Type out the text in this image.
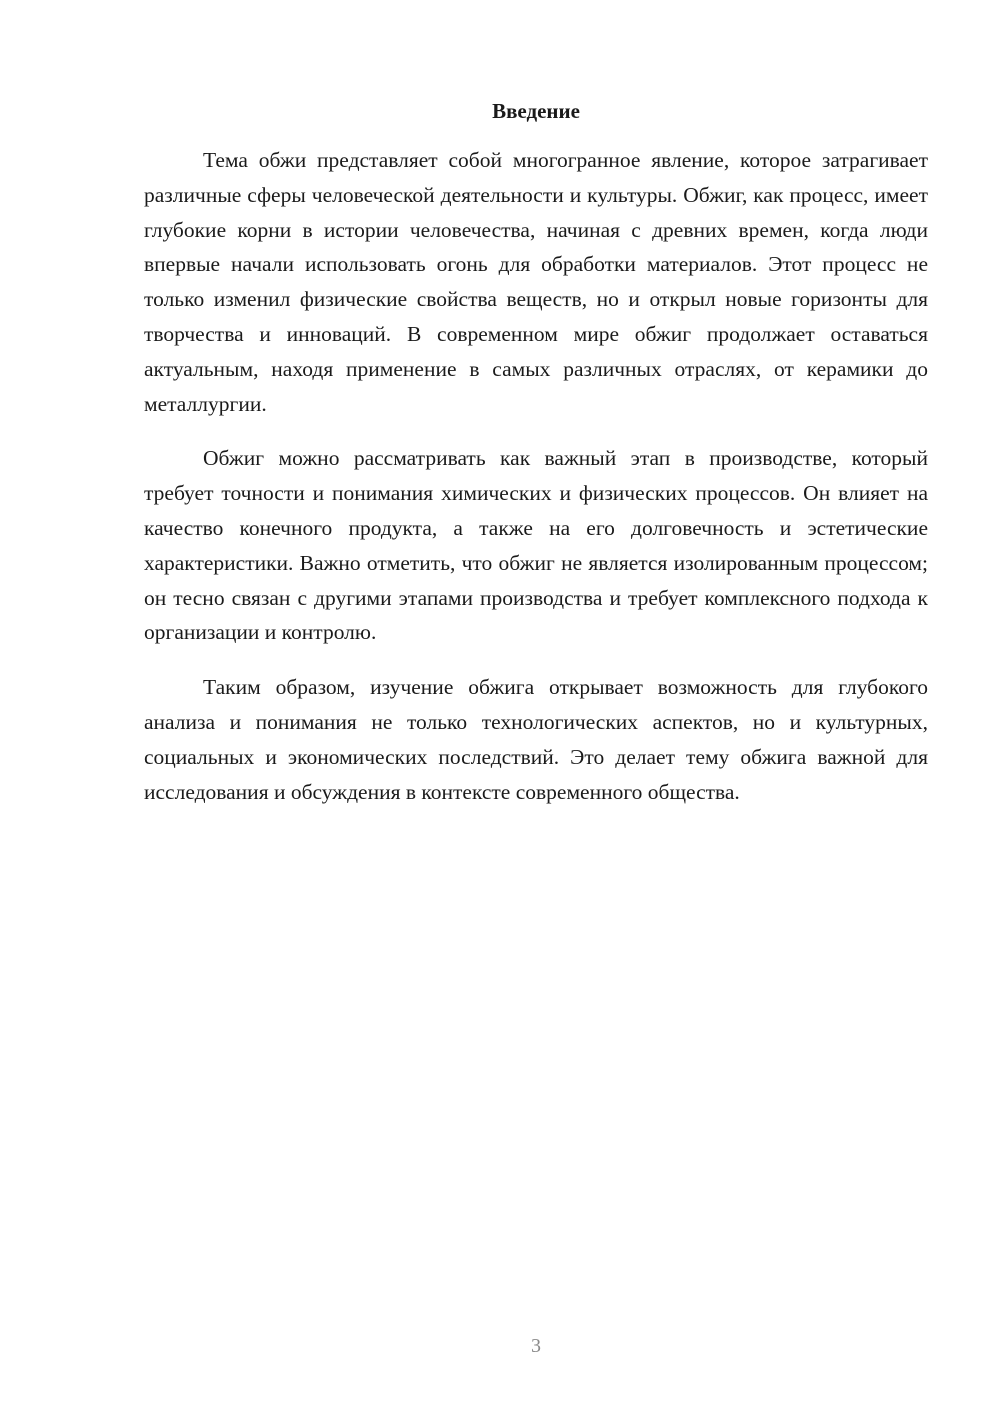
Введение

Тема обжи представляет собой многогранное явление, которое затрагивает различные сферы человеческой деятельности и культуры. Обжиг, как процесс, имеет глубокие корни в истории человечества, начиная с древних времен, когда люди впервые начали использовать огонь для обработки материалов. Этот процесс не только изменил физические свойства веществ, но и открыл новые горизонты для творчества и инноваций. В современном мире обжиг продолжает оставаться актуальным, находя применение в самых различных отраслях, от керамики до металлургии.

Обжиг можно рассматривать как важный этап в производстве, который требует точности и понимания химических и физических процессов. Он влияет на качество конечного продукта, а также на его долговечность и эстетические характеристики. Важно отметить, что обжиг не является изолированным процессом; он тесно связан с другими этапами производства и требует комплексного подхода к организации и контролю.

Таким образом, изучение обжига открывает возможность для глубокого анализа и понимания не только технологических аспектов, но и культурных, социальных и экономических последствий. Это делает тему обжига важной для исследования и обсуждения в контексте современного общества.

3
